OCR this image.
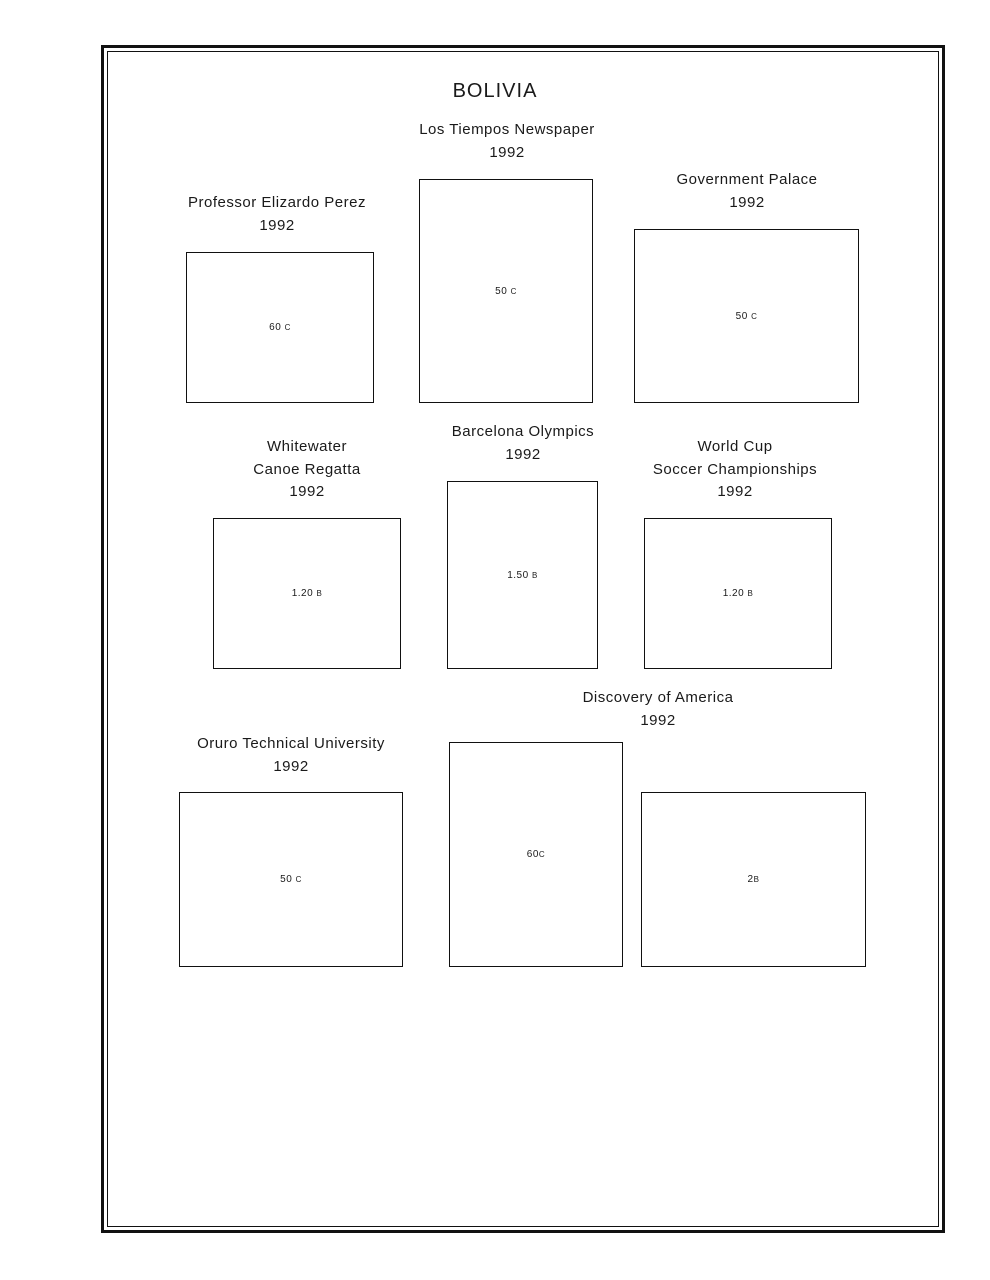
BOLIVIA
Professor Elizardo Perez
1992
60 C
Los Tiempos Newspaper
1992
50 C
Government Palace
1992
50 C
Whitewater
Canoe Regatta
1992
1.20 B
Barcelona Olympics
1992
1.50 B
World Cup
Soccer Championships
1992
1.20 B
Oruro Technical University
1992
50 C
Discovery of America
1992
60C
2B
